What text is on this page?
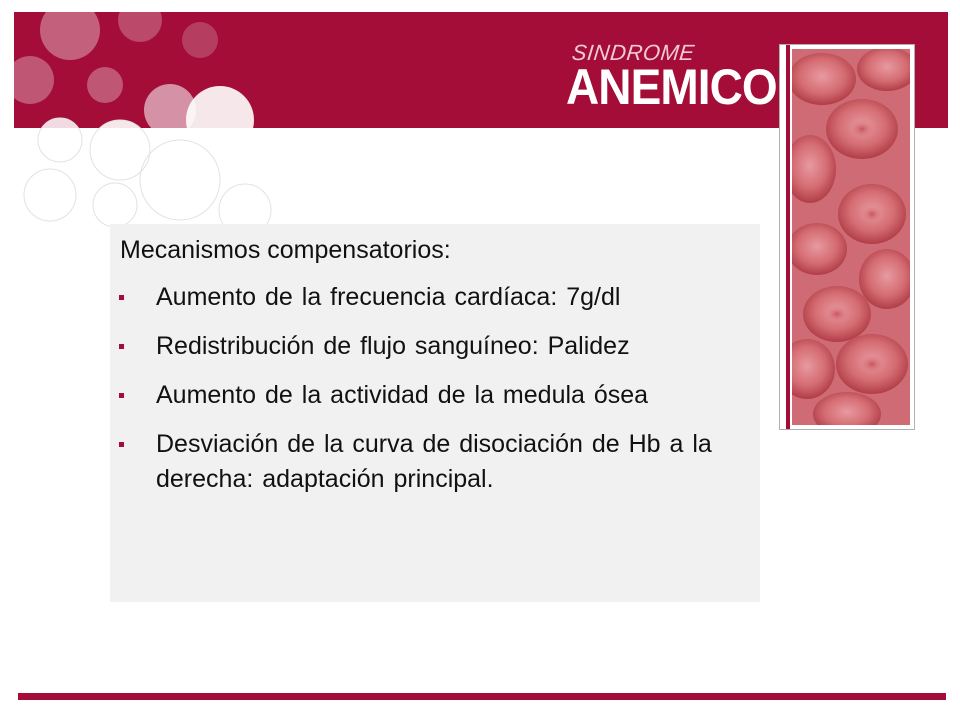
SINDROME
ANEMICO
Mecanismos compensatorios:
Aumento de la frecuencia cardíaca: 7g/dl
Redistribución de flujo sanguíneo: Palidez
Aumento de la actividad de la medula ósea
Desviación de la curva de disociación de Hb a la derecha: adaptación principal.
